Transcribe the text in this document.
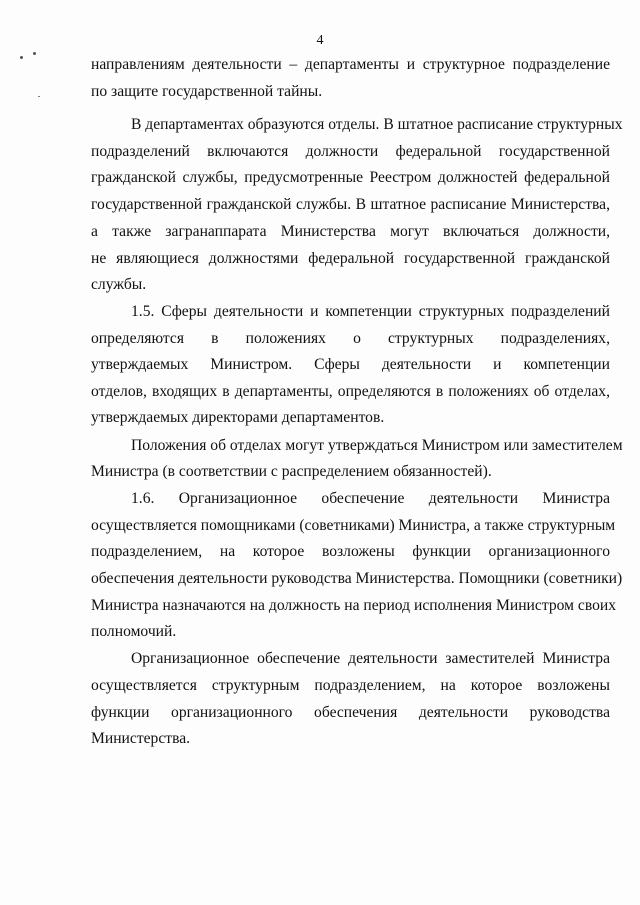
4
направлениям деятельности – департаменты и структурное подразделение
по защите государственной тайны.
В департаментах образуются отделы. В штатное расписание структурных
подразделений включаются должности федеральной государственной
гражданской службы, предусмотренные Реестром должностей федеральной
государственной гражданской службы. В штатное расписание Министерства,
а также загранаппарата Министерства могут включаться должности,
не являющиеся должностями федеральной государственной гражданской
службы.
1.5. Сферы деятельности и компетенции структурных подразделений
определяются в положениях о структурных подразделениях,
утверждаемых Министром. Сферы деятельности и компетенции
отделов, входящих в департаменты, определяются в положениях об отделах,
утверждаемых директорами департаментов.
Положения об отделах могут утверждаться Министром или заместителем
Министра (в соответствии с распределением обязанностей).
1.6. Организационное обеспечение деятельности Министра
осуществляется помощниками (советниками) Министра, а также структурным
подразделением, на которое возложены функции организационного
обеспечения деятельности руководства Министерства. Помощники (советники)
Министра назначаются на должность на период исполнения Министром своих
полномочий.
Организационное обеспечение деятельности заместителей Министра
осуществляется структурным подразделением, на которое возложены
функции организационного обеспечения деятельности руководства
Министерства.
